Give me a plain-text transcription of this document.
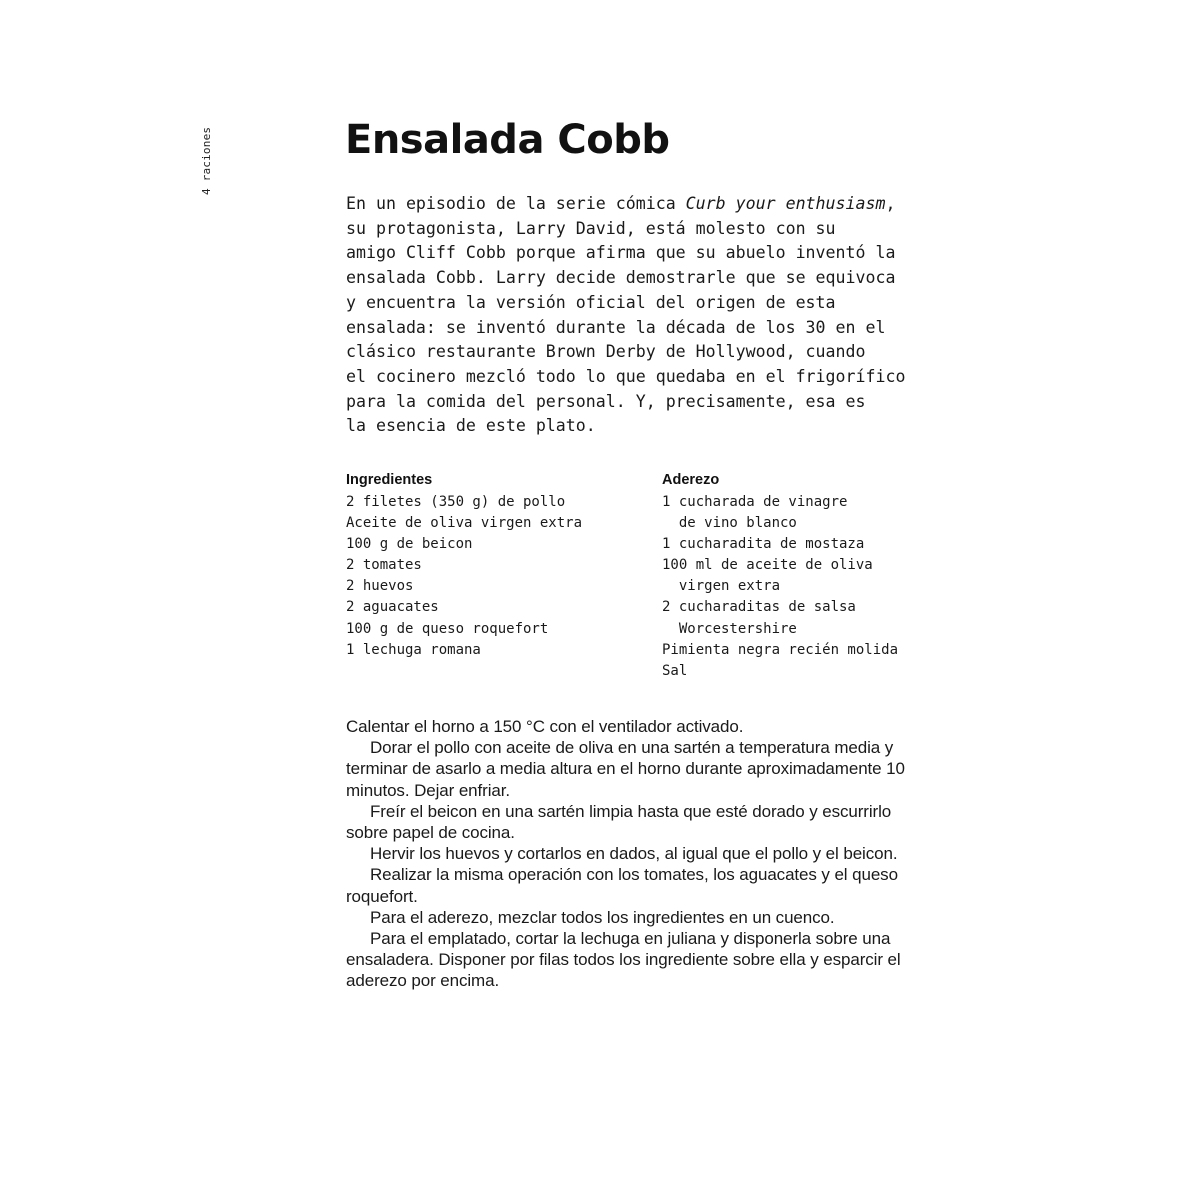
4 raciones	Ensalada Cobb

En un episodio de la serie cómica Curb your enthusiasm,
su protagonista, Larry David, está molesto con su
amigo Cliff Cobb porque afirma que su abuelo inventó la
ensalada Cobb. Larry decide demostrarle que se equivoca
y encuentra la versión oficial del origen de esta
ensalada: se inventó durante la década de los 30 en el
clásico restaurante Brown Derby de Hollywood, cuando
el cocinero mezcló todo lo que quedaba en el frigorífico
para la comida del personal. Y, precisamente, esa es
la esencia de este plato.

Ingredientes
2 filetes (350 g) de pollo
Aceite de oliva virgen extra
100 g de beicon
2 tomates
2 huevos
2 aguacates
100 g de queso roquefort
1 lechuga romana
Aderezo
1 cucharada de vinagre
de vino blanco
1 cucharadita de mostaza
100 ml de aceite de oliva
virgen extra
2 cucharaditas de salsa
Worcestershire
Pimienta negra recién molida
Sal

Calentar el horno a 150 °C con el ventilador activado.

Dorar el pollo con aceite de oliva en una sartén a temperatura media y terminar de asarlo a media altura en el horno durante aproximadamente 10 minutos. Dejar enfriar.

Freír el beicon en una sartén limpia hasta que esté dorado y escurrirlo sobre papel de cocina.

Hervir los huevos y cortarlos en dados, al igual que el pollo y el beicon.

Realizar la misma operación con los tomates, los aguacates y el queso roquefort.

Para el aderezo, mezclar todos los ingredientes en un cuenco.

Para el emplatado, cortar la lechuga en juliana y disponerla sobre una ensaladera. Disponer por filas todos los ingrediente sobre ella y esparcir el aderezo por encima.
